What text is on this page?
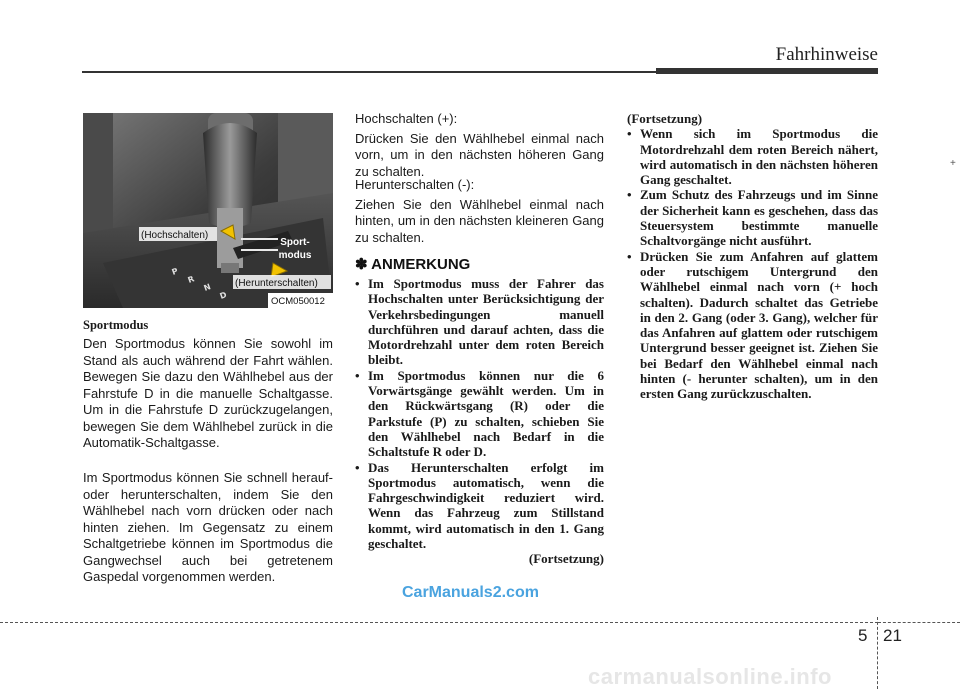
Fahrhinweise
+
P
R
N
D
(Hochschalten)
Sport-
modus
(Herunterschalten)
OCM050012
Sportmodus

Den Sportmodus können Sie sowohl im Stand als auch während der Fahrt wählen. Bewegen Sie dazu den Wählhebel aus der Fahrstufe D in die manuelle Schaltgasse. Um in die Fahrstufe D zurückzugelangen, bewegen Sie dem Wählhebel zurück in die Automatik-Schaltgasse.

Im Sportmodus können Sie schnell herauf- oder herunterschalten, indem Sie den Wählhebel nach vorn drücken oder nach hinten ziehen. Im Gegensatz zu einem Schaltgetriebe können im Sportmodus die Gangwechsel auch bei getretenem Gaspedal vorgenommen werden.

Hochschalten (+):

Drücken Sie den Wählhebel einmal nach vorn, um in den nächsten höheren Gang zu schalten.

Herunterschalten (-):

Ziehen Sie den Wählhebel einmal nach hinten, um in den nächsten kleineren Gang zu schalten.

✽ ANMERKUNG
• Im Sportmodus muss der Fahrer das Hochschalten unter Berücksichtigung der Verkehrsbedingungen manuell durchführen und darauf achten, dass die Motordrehzahl unter dem roten Bereich bleibt.
• Im Sportmodus können nur die 6 Vorwärtsgänge gewählt werden. Um in den Rückwärtsgang (R) oder die Parkstufe (P) zu schalten, schieben Sie den Wählhebel nach Bedarf in die Schaltstufe R oder D.
• Das Herunterschalten erfolgt im Sportmodus automatisch, wenn die Fahrgeschwindigkeit reduziert wird. Wenn das Fahrzeug zum Stillstand kommt, wird automatisch in den 1. Gang geschaltet.
(Fortsetzung)
(Fortsetzung)
• Wenn sich im Sportmodus die Motordrehzahl dem roten Bereich nähert, wird automatisch in den nächsten höheren Gang geschaltet.
• Zum Schutz des Fahrzeugs und im Sinne der Sicherheit kann es geschehen, dass das Steuersystem bestimmte manuelle Schaltvorgänge nicht ausführt.
• Drücken Sie zum Anfahren auf glattem oder rutschigem Untergrund den Wählhebel einmal nach vorn (+ hoch schalten). Dadurch schaltet das Getriebe in den 2. Gang (oder 3. Gang), welcher für das Anfahren auf glattem oder rutschigem Untergrund besser geeignet ist. Ziehen Sie bei Bedarf den Wählhebel einmal nach hinten (- herunter schalten), um in den ersten Gang zurückzuschalten.
CarManuals2.com
5 21
carmanualsonline.info
